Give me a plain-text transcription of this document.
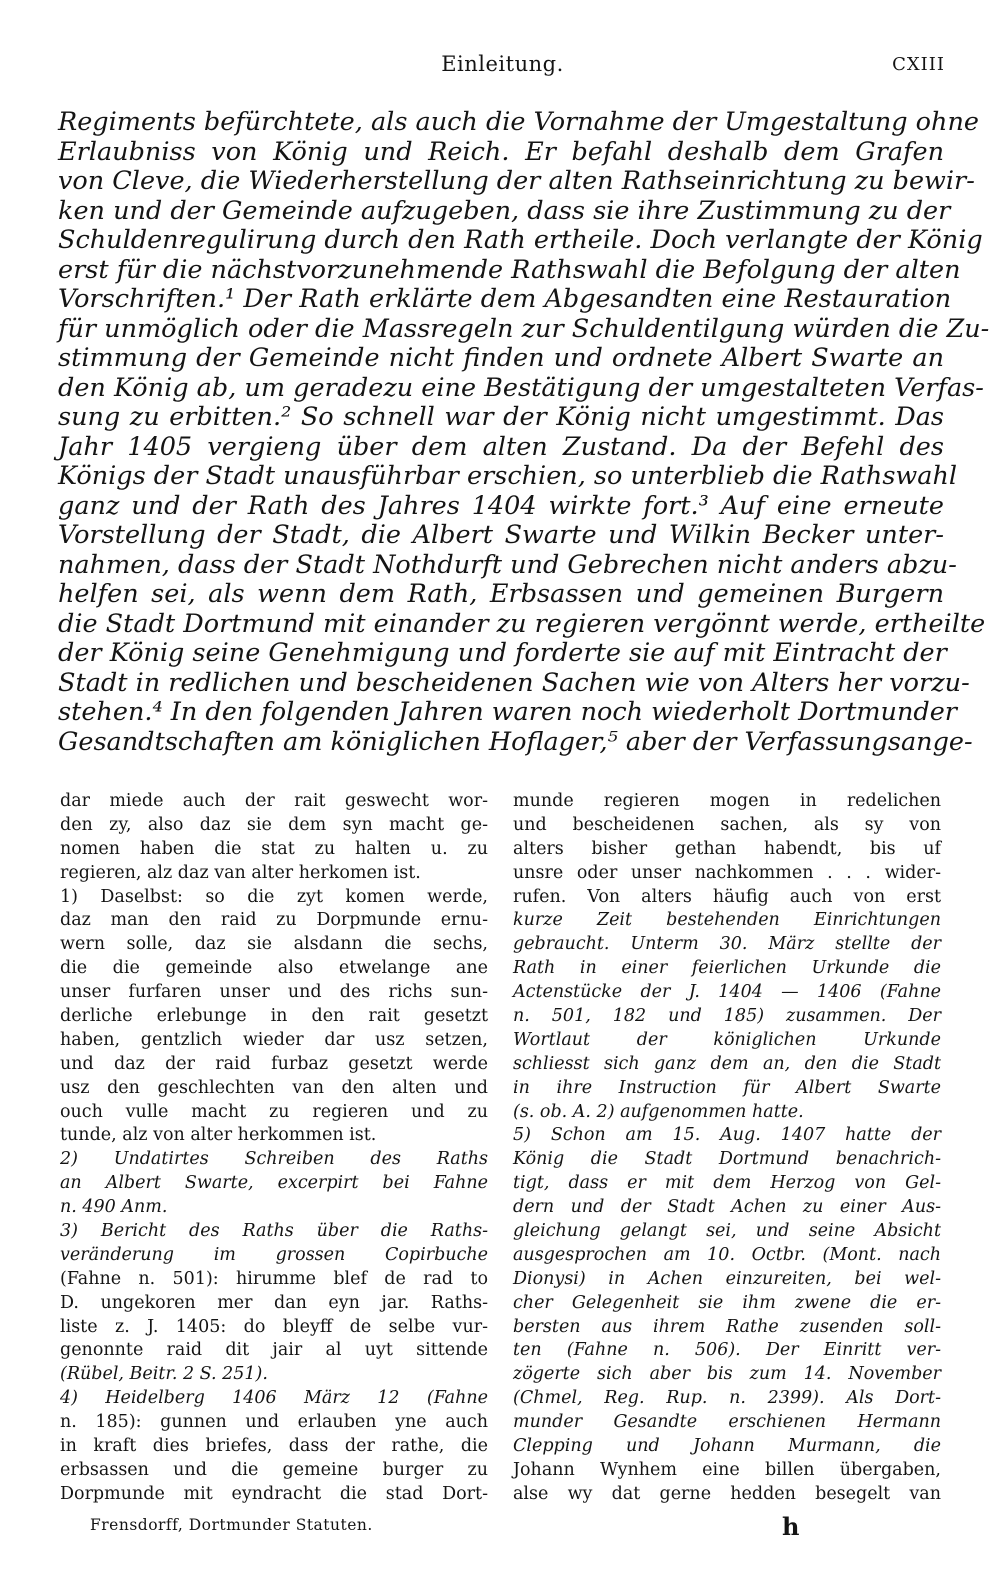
Einleitung.	CXIII
Regiments befürchtete, als auch die Vornahme der Umgestaltung ohne
Erlaubniss von König und Reich. Er befahl deshalb dem Grafen
von Cleve, die Wiederherstellung der alten Rathseinrichtung zu bewir-
ken und der Gemeinde aufzugeben, dass sie ihre Zustimmung zu der
Schuldenregulirung durch den Rath ertheile. Doch verlangte der König
erst für die nächstvorzunehmende Rathswahl die Befolgung der alten
Vorschriften.¹ Der Rath erklärte dem Abgesandten eine Restauration
für unmöglich oder die Massregeln zur Schuldentilgung würden die Zu-
stimmung der Gemeinde nicht finden und ordnete Albert Swarte an
den König ab, um geradezu eine Bestätigung der umgestalteten Verfas-
sung zu erbitten.² So schnell war der König nicht umgestimmt. Das
Jahr 1405 vergieng über dem alten Zustand. Da der Befehl des
Königs der Stadt unausführbar erschien, so unterblieb die Rathswahl
ganz und der Rath des Jahres 1404 wirkte fort.³ Auf eine erneute
Vorstellung der Stadt, die Albert Swarte und Wilkin Becker unter-
nahmen, dass der Stadt Nothdurft und Gebrechen nicht anders abzu-
helfen sei, als wenn dem Rath, Erbsassen und gemeinen Burgern
die Stadt Dortmund mit einander zu regieren vergönnt werde, ertheilte
der König seine Genehmigung und forderte sie auf mit Eintracht der
Stadt in redlichen und bescheidenen Sachen wie von Alters her vorzu-
stehen.⁴ In den folgenden Jahren waren noch wiederholt Dortmunder
Gesandtschaften am königlichen Hoflager,⁵ aber der Verfassungsange-
dar miede auch der rait geswecht wor-
den zy, also daz sie dem syn macht ge-
nomen haben die stat zu halten u. zu
regieren, alz daz van alter herkomen ist.
1) Daselbst: so die zyt komen werde,
daz man den raid zu Dorpmunde ernu-
wern solle, daz sie alsdann die sechs,
die die gemeinde also etwelange ane
unser furfaren unser und des richs sun-
derliche erlebunge in den rait gesetzt
haben, gentzlich wieder dar usz setzen,
und daz der raid furbaz gesetzt werde
usz den geschlechten van den alten und
ouch vulle macht zu regieren und zu
tunde, alz von alter herkommen ist.
2) Undatirtes Schreiben des Raths
an Albert Swarte, excerpirt bei Fahne
n. 490 Anm.
3) Bericht des Raths über die Raths-
veränderung im grossen Copirbuche
(Fahne n. 501): hirumme blef de rad to
D. ungekoren mer dan eyn jar. Raths-
liste z. J. 1405: do bleyff de selbe vur-
genonnte raid dit jair al uyt sittende
(Rübel, Beitr. 2 S. 251).
4) Heidelberg 1406 März 12 (Fahne
n. 185): gunnen und erlauben yne auch
in kraft dies briefes, dass der rathe, die
erbsassen und die gemeine burger zu
Dorpmunde mit eyndracht die stad Dort-
munde regieren mogen in redelichen
und bescheidenen sachen, als sy von
alters bisher gethan habendt, bis uf
unsre oder unser nachkommen . . . wider-
rufen. Von alters häufig auch von erst
kurze Zeit bestehenden Einrichtungen
gebraucht. Unterm 30. März stellte der
Rath in einer feierlichen Urkunde die
Actenstücke der J. 1404 — 1406 (Fahne
n. 501, 182 und 185) zusammen. Der
Wortlaut der königlichen Urkunde
schliesst sich ganz dem an, den die Stadt
in ihre Instruction für Albert Swarte
(s. ob. A. 2) aufgenommen hatte.
5) Schon am 15. Aug. 1407 hatte der
König die Stadt Dortmund benachrich-
tigt, dass er mit dem Herzog von Gel-
dern und der Stadt Achen zu einer Aus-
gleichung gelangt sei, und seine Absicht
ausgesprochen am 10. Octbr. (Mont. nach
Dionysi) in Achen einzureiten, bei wel-
cher Gelegenheit sie ihm zwene die er-
bersten aus ihrem Rathe zusenden soll-
ten (Fahne n. 506). Der Einritt ver-
zögerte sich aber bis zum 14. November
(Chmel, Reg. Rup. n. 2399). Als Dort-
munder Gesandte erschienen Hermann
Clepping und Johann Murmann, die
Johann Wynhem eine billen übergaben,
alse wy dat gerne hedden besegelt van
Frensdorff, Dortmunder Statuten.	h
